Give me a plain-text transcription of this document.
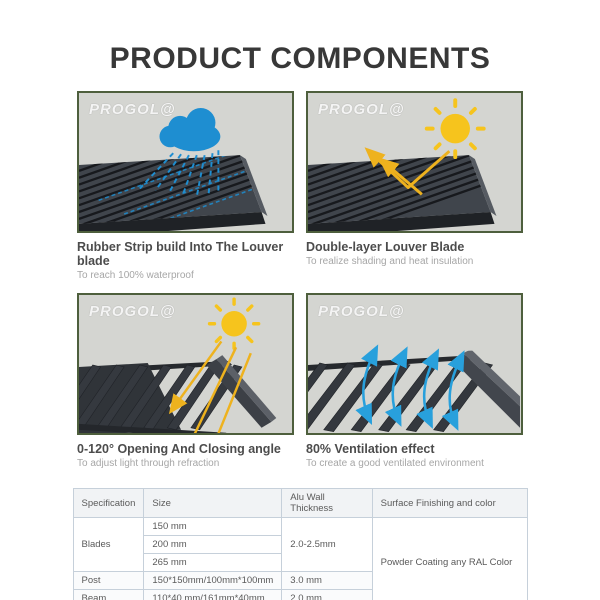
PRODUCT COMPONENTS
PROGOL@
Rubber Strip build Into The Louver blade
To reach 100% waterproof
PROGOL@
Double-layer Louver Blade
To realize shading and heat insulation
PROGOL@
0-120° Opening And Closing angle
To adjust light through refraction
PROGOL@
80% Ventilation effect
To create a good ventilated environment
Specification	Size	Alu Wall Thickness	Surface Finishing and color
Blades	150 mm	2.0-2.5mm	Powder Coating any RAL Color
	200 mm		
	265 mm		
Post	150*150mm/100mm*100mm	3.0 mm	
Beam	110*40 mm/161mm*40mm	2.0 mm	
